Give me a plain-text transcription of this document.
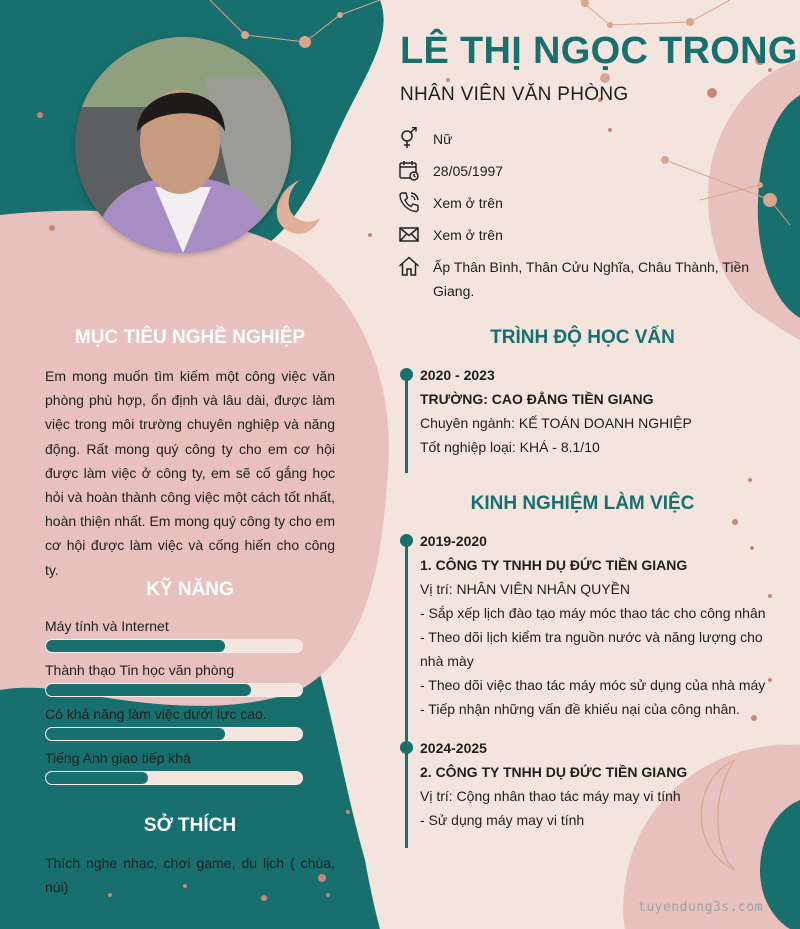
LÊ THỊ NGỌC TRONG
NHÂN VIÊN VĂN PHÒNG
Nữ
28/05/1997
Xem ở trên
Xem ở trên
Ấp Thân Bình, Thân Cửu Nghĩa, Châu Thành, Tiền Giang.
MỤC TIÊU NGHỀ NGHIỆP
Em mong muốn tìm kiếm một công việc văn phòng phù hợp, ổn định và lâu dài, được làm việc trong môi trường chuyên nghiệp và năng động. Rất mong quý công ty cho em cơ hội được làm việc ở công ty, em sẽ cố gắng học hỏi và hoàn thành công việc một cách tốt nhất, hoàn thiện nhất. Em mong quý công ty cho em cơ hội được làm việc và cống hiến cho công ty.
KỸ NĂNG
Máy tính và Internet
Thành thạo Tin học văn phòng
Có khả năng làm việc dưới lực cao.
Tiếng Anh giao tiếp khá
SỞ THÍCH
Thích nghe nhạc, chơi game, du lịch ( chùa, núi)
TRÌNH ĐỘ HỌC VẤN
2020 - 2023
TRƯỜNG: CAO ĐẲNG TIỀN GIANG
Chuyên ngành: KẾ TOÁN DOANH NGHIỆP
Tốt nghiệp loại: KHÁ - 8.1/10
KINH NGHIỆM LÀM VIỆC
2019-2020
1. CÔNG TY TNHH DỤ ĐỨC TIỀN GIANG
Vị trí: NHÂN VIÊN NHÂN QUYỀN
- Sắp xếp lịch đào tạo máy móc thao tác cho công nhân
- Theo dõi lịch kiểm tra nguồn nước và năng lượng cho nhà mày
- Theo dõi việc thao tác máy móc sử dụng của nhà máy
- Tiếp nhận những vấn đề khiếu nại của công nhân.
2024-2025
2. CÔNG TY TNHH DỤ ĐỨC TIỀN GIANG
Vị trí: Cộng nhân thao tác máy may vi tính
- Sử dụng máy may vi tính
tuyendung3s.com
